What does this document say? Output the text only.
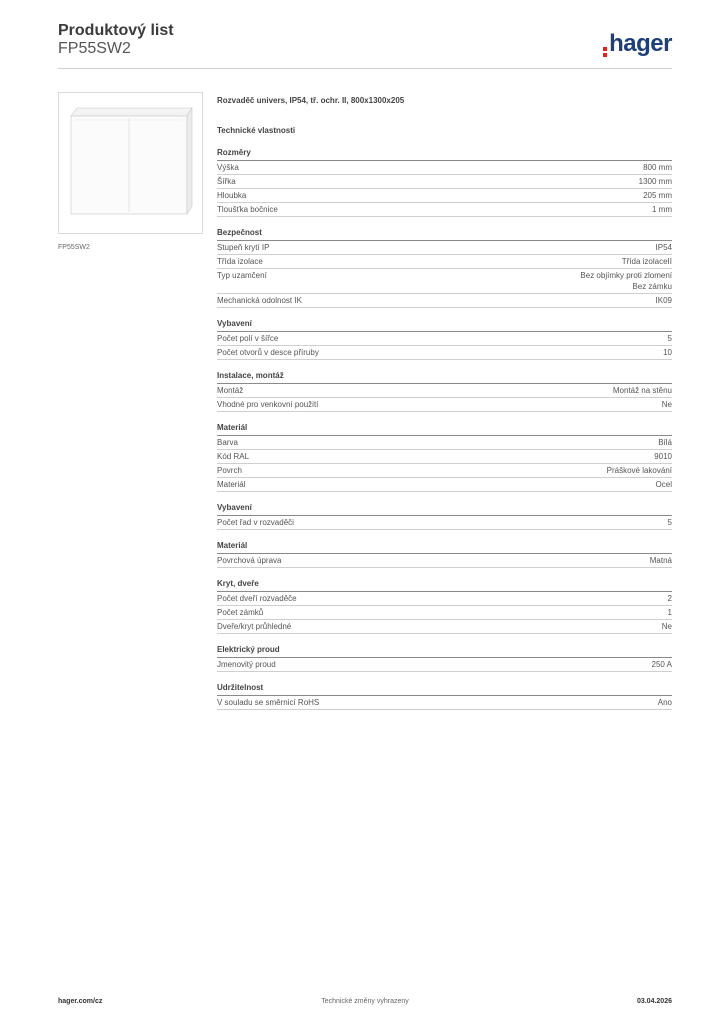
Produktový list
FP55SW2	hager
FP55SW2
Rozvaděč univers, IP54, tř. ochr. II, 800x1300x205
Technické vlastnosti
Rozměry
Výška	800 mm
Šířka	1300 mm
Hloubka	205 mm
Tloušťka bočnice	1 mm
Bezpečnost
Stupeň krytí IP	IP54
Třída izolace	Třída izolaceII
Typ uzamčení	Bez objímky proti zlomení
Bez zámku
Mechanická odolnost IK	IK09
Vybavení
Počet polí v šířce	5
Počet otvorů v desce příruby	10
Instalace, montáž
Montáž	Montáž na stěnu
Vhodné pro venkovní použití	Ne
Materiál
Barva	Bílá
Kód RAL	9010
Povrch	Práškové lakování
Materiál	Ocel
Vybavení
Počet řad v rozvaděči	5
Materiál
Povrchová úprava	Matná
Kryt, dveře
Počet dveří rozvaděče	2
Počet zámků	1
Dveře/kryt průhledné	Ne
Elektrický proud
Jmenovitý proud	250 A
Udržitelnost
V souladu se směrnicí RoHS	Ano
hager.com/cz	Technické změny vyhrazeny	03.04.2026
